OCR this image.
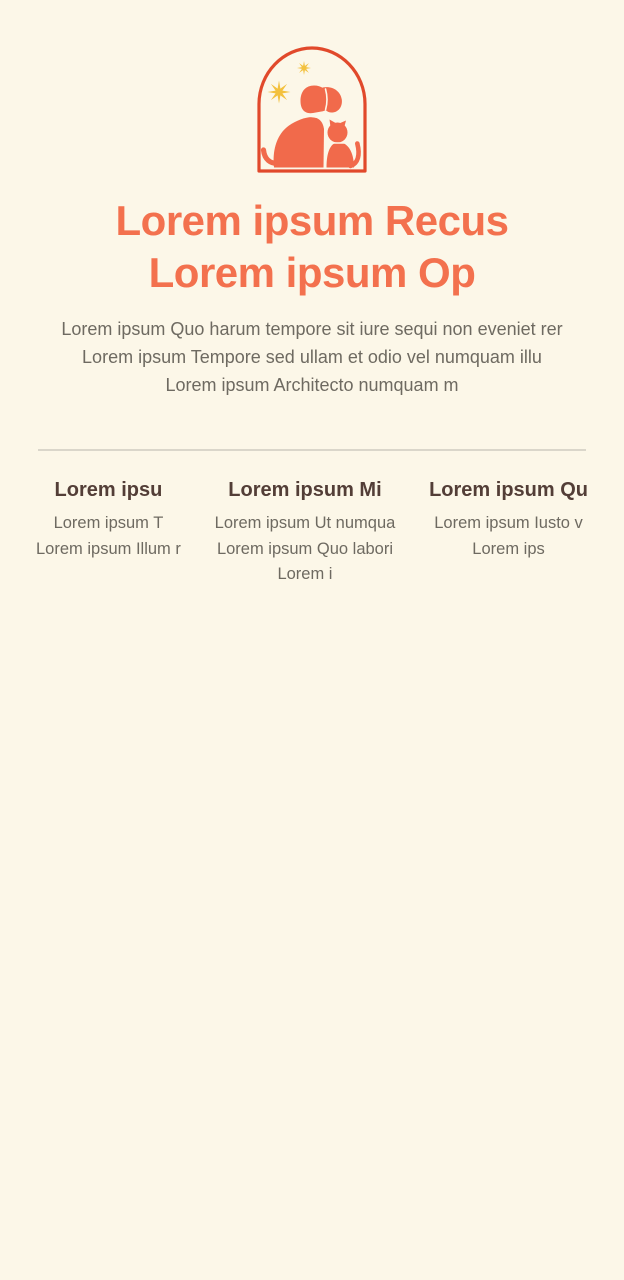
Lorem ipsum Recus
Lorem ipsum Op
Lorem ipsum Quo harum tempore sit iure sequi non eveniet rer
Lorem ipsum Tempore sed ullam et odio vel numquam illu
Lorem ipsum Architecto numquam m
Lorem ipsu
Lorem ipsum T
Lorem ipsum Illum r
Lorem ipsum Mi
Lorem ipsum Ut numqua
Lorem ipsum Quo labori
Lorem i
Lorem ipsum Qu
Lorem ipsum Iusto v
Lorem ips
